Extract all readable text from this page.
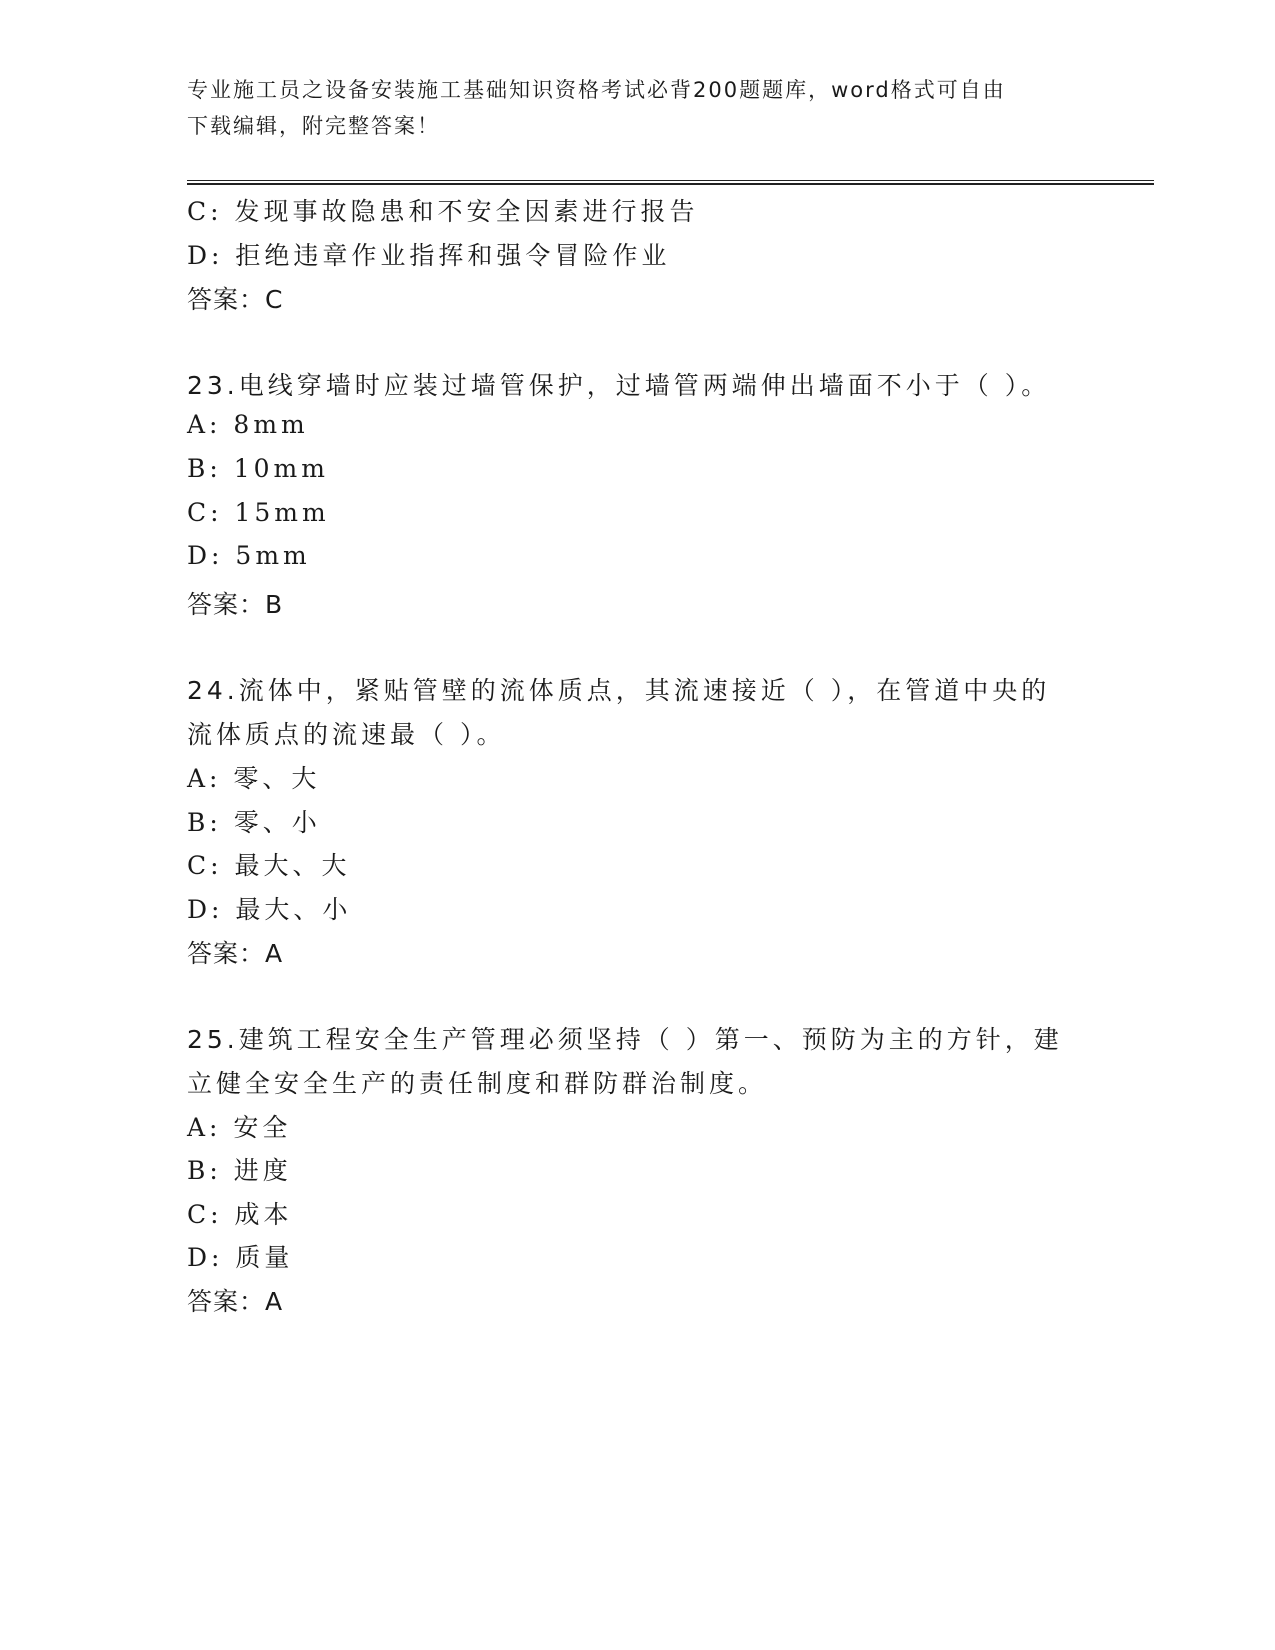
专业施工员之设备安装施工基础知识资格考试必背200题题库，word格式可自由
下载编辑，附完整答案！
C: 发现事故隐患和不安全因素进行报告
D: 拒绝违章作业指挥和强令冒险作业
答案：C
23.电线穿墙时应装过墙管保护，过墙管两端伸出墙面不小于（ ）。
A: 8mm
B: 10mm
C: 15mm
D: 5mm
答案：B
24.流体中，紧贴管壁的流体质点，其流速接近（ ），在管道中央的
流体质点的流速最（ ）。
A: 零、大
B: 零、小
C: 最大、大
D: 最大、小
答案：A
25.建筑工程安全生产管理必须坚持（ ）第一、预防为主的方针，建
立健全安全生产的责任制度和群防群治制度。
A: 安全
B: 进度
C: 成本
D: 质量
答案：A
